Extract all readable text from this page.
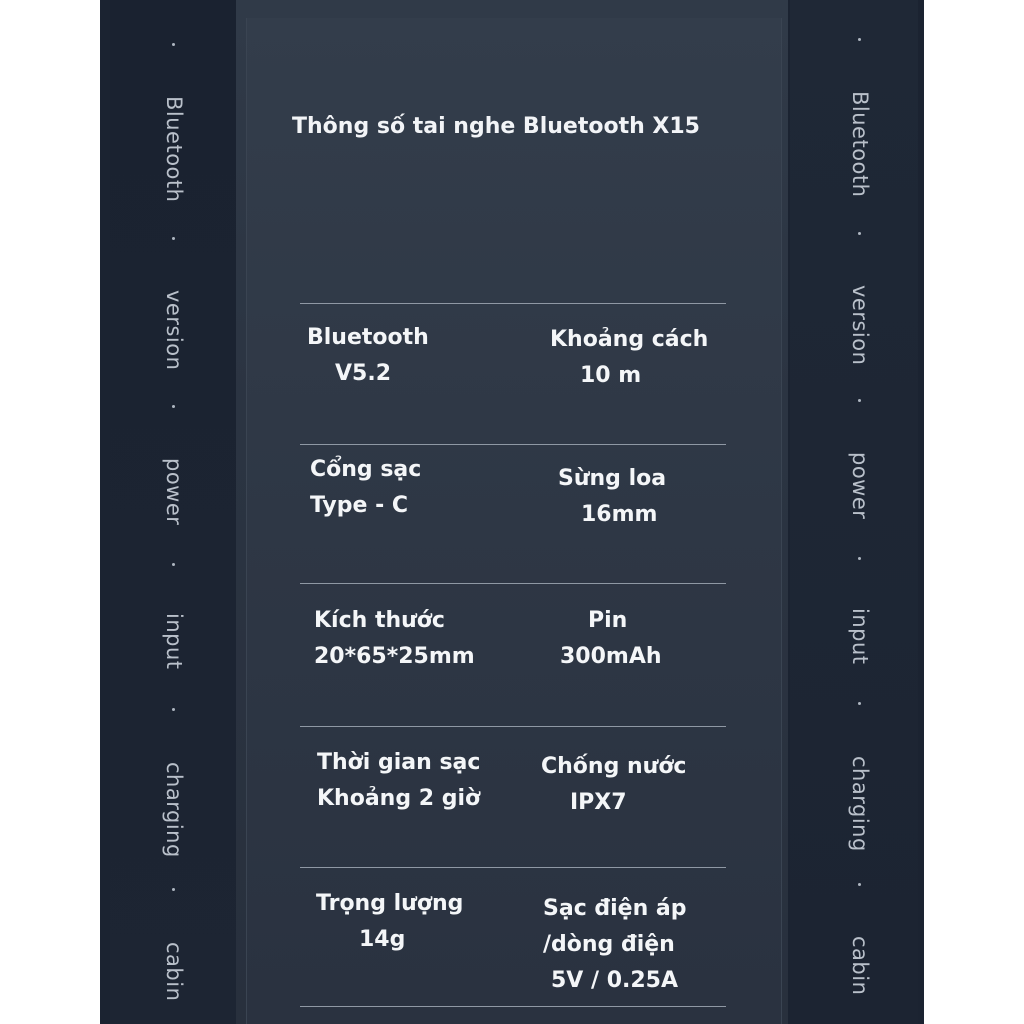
Bluetooth
version
power
input
charging
cabin
Bluetooth
version
power
input
charging
cabin
Thông số tai nghe Bluetooth X15
Bluetooth
V5.2
Khoảng cách
10 m
Cổng sạc
Type - C
Sừng loa
16mm
Kích thước
20*65*25mm
Pin
300mAh
Thời gian sạc
Khoảng 2 giờ
Chống nước
IPX7
Trọng lượng
14g
Sạc điện áp
/dòng điện
5V / 0.25A
